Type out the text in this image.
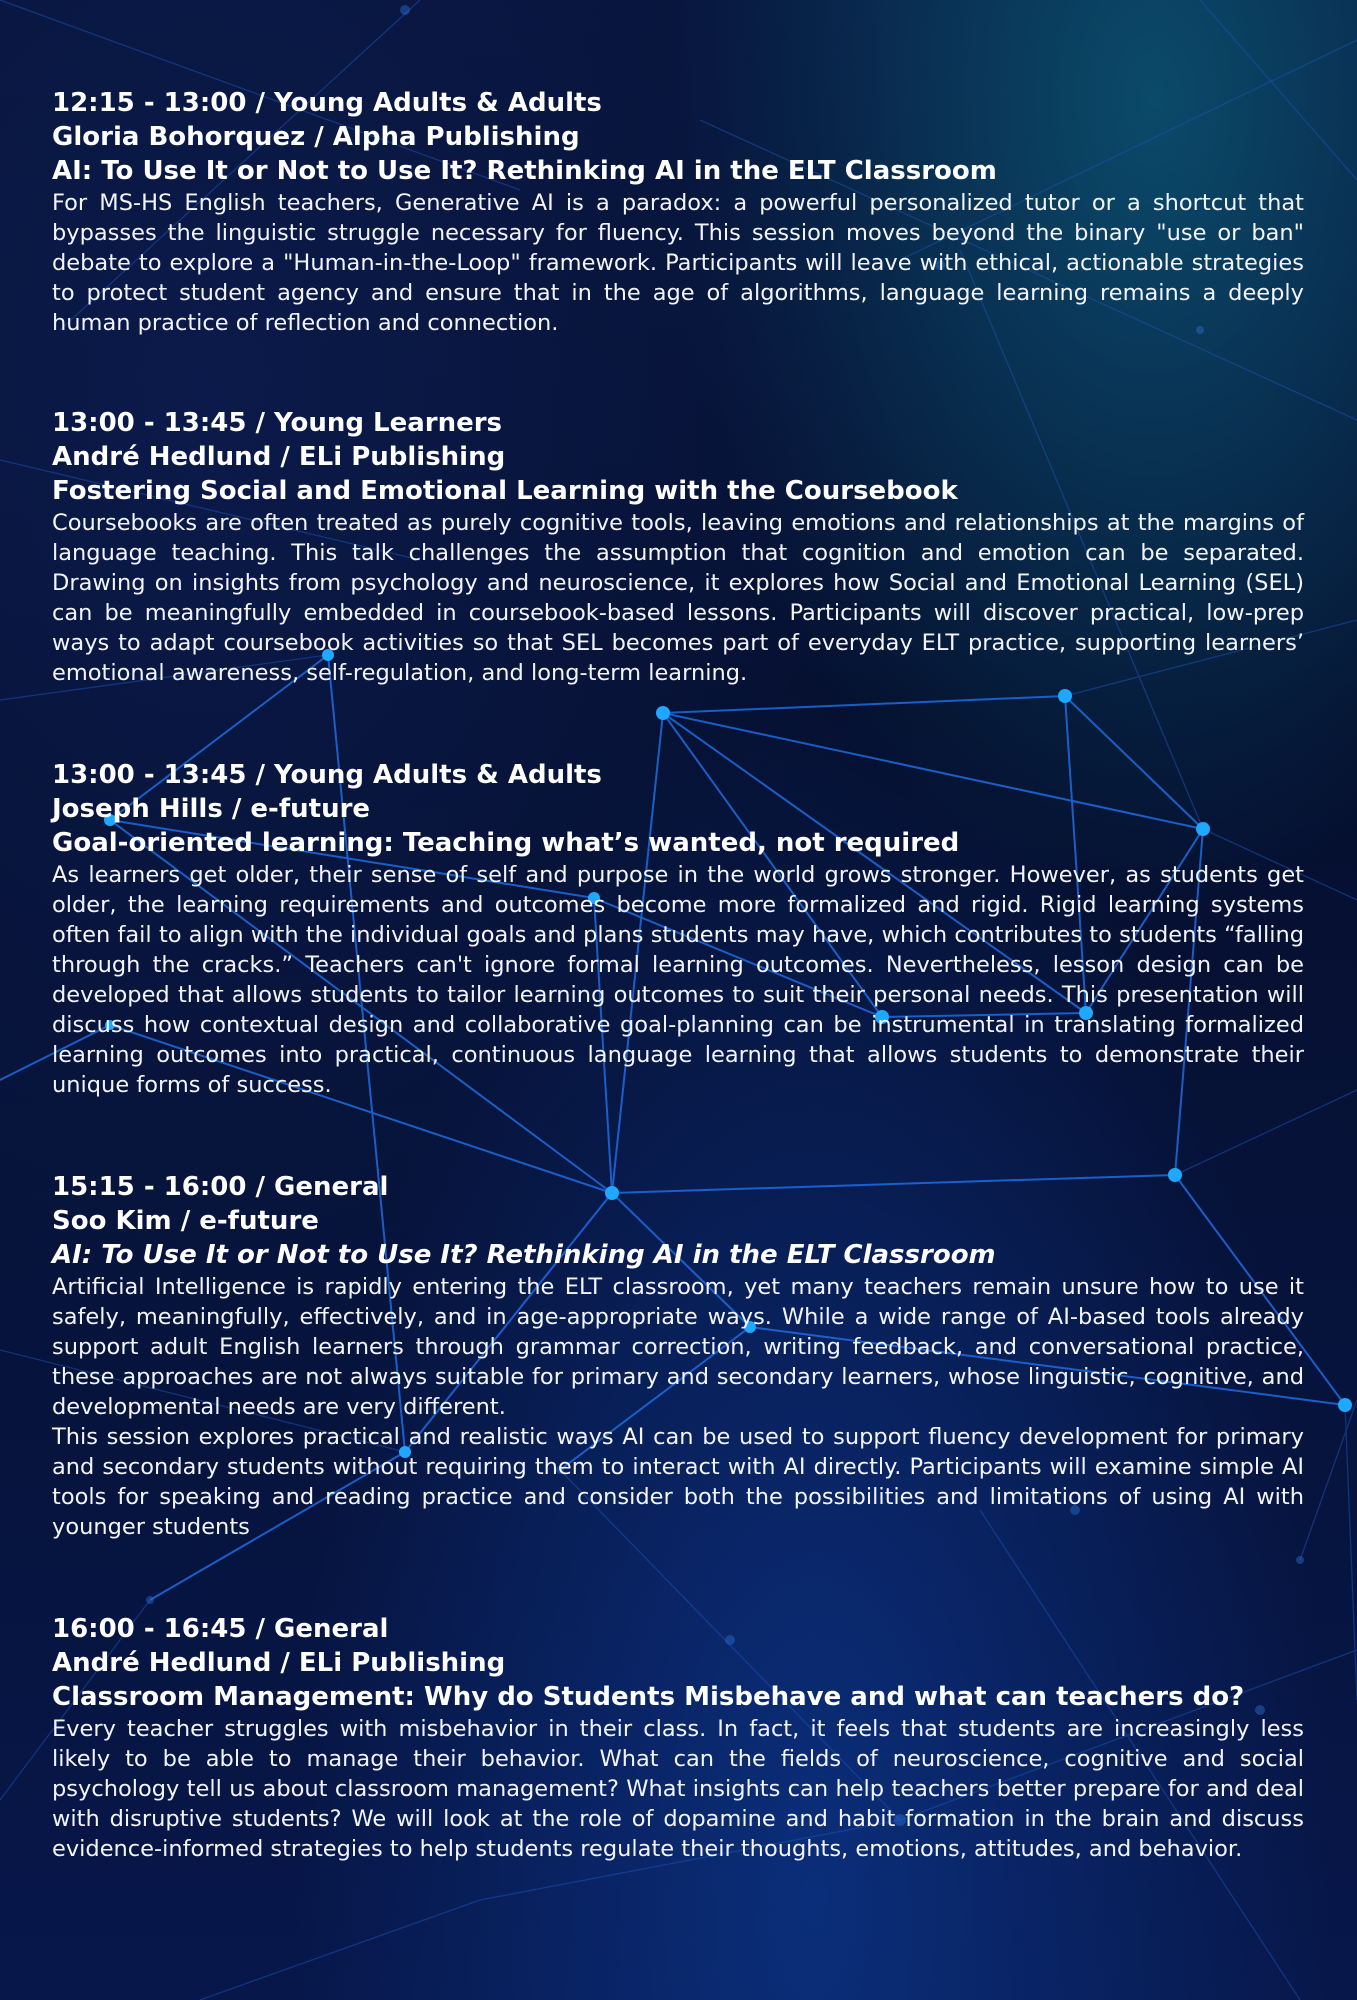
12:15 - 13:00 / Young Adults & Adults
Gloria Bohorquez / Alpha Publishing
AI: To Use It or Not to Use It? Rethinking AI in the ELT Classroom

For MS-HS English teachers, Generative AI is a paradox: a powerful personalized tutor or a shortcut that bypasses the linguistic struggle necessary for fluency. This session moves beyond the binary "use or ban" debate to explore a "Human-in-the-Loop" framework. Participants will leave with ethical, actionable strategies to protect student agency and ensure that in the age of algorithms, language learning remains a deeply human practice of reflection and connection.

13:00 - 13:45 / Young Learners
André Hedlund / ELi Publishing
Fostering Social and Emotional Learning with the Coursebook

Coursebooks are often treated as purely cognitive tools, leaving emotions and relationships at the margins of language teaching. This talk challenges the assumption that cognition and emotion can be separated. Drawing on insights from psychology and neuroscience, it explores how Social and Emotional Learning (SEL) can be meaningfully embedded in coursebook-based lessons. Participants will discover practical, low-prep ways to adapt coursebook activities so that SEL becomes part of everyday ELT practice, supporting learners’ emotional awareness, self-regulation, and long-term learning.

13:00 - 13:45 / Young Adults & Adults
Joseph Hills / e-future
Goal-oriented learning: Teaching what’s wanted, not required

As learners get older, their sense of self and purpose in the world grows stronger. However, as students get older, the learning requirements and outcomes become more formalized and rigid. Rigid learning systems often fail to align with the individual goals and plans students may have, which contributes to students “falling through the cracks.” Teachers can't ignore formal learning outcomes. Nevertheless, lesson design can be developed that allows students to tailor learning outcomes to suit their personal needs. This presentation will discuss how contextual design and collaborative goal-planning can be instrumental in translating formalized learning outcomes into practical, continuous language learning that allows students to demonstrate their unique forms of success.

15:15 - 16:00 / General
Soo Kim / e-future
AI: To Use It or Not to Use It? Rethinking AI in the ELT Classroom

Artificial Intelligence is rapidly entering the ELT classroom, yet many teachers remain unsure how to use it safely, meaningfully, effectively, and in age-appropriate ways. While a wide range of AI-based tools already support adult English learners through grammar correction, writing feedback, and conversational practice, these approaches are not always suitable for primary and secondary learners, whose linguistic, cognitive, and developmental needs are very different.

This session explores practical and realistic ways AI can be used to support fluency development for primary and secondary students without requiring them to interact with AI directly. Participants will examine simple AI tools for speaking and reading practice and consider both the possibilities and limitations of using AI with younger students

16:00 - 16:45 / General
André Hedlund / ELi Publishing
Classroom Management: Why do Students Misbehave and what can teachers do?

Every teacher struggles with misbehavior in their class. In fact, it feels that students are increasingly less likely to be able to manage their behavior. What can the fields of neuroscience, cognitive and social psychology tell us about classroom management? What insights can help teachers better prepare for and deal with disruptive students? We will look at the role of dopamine and habit formation in the brain and discuss evidence-informed strategies to help students regulate their thoughts, emotions, attitudes, and behavior.
